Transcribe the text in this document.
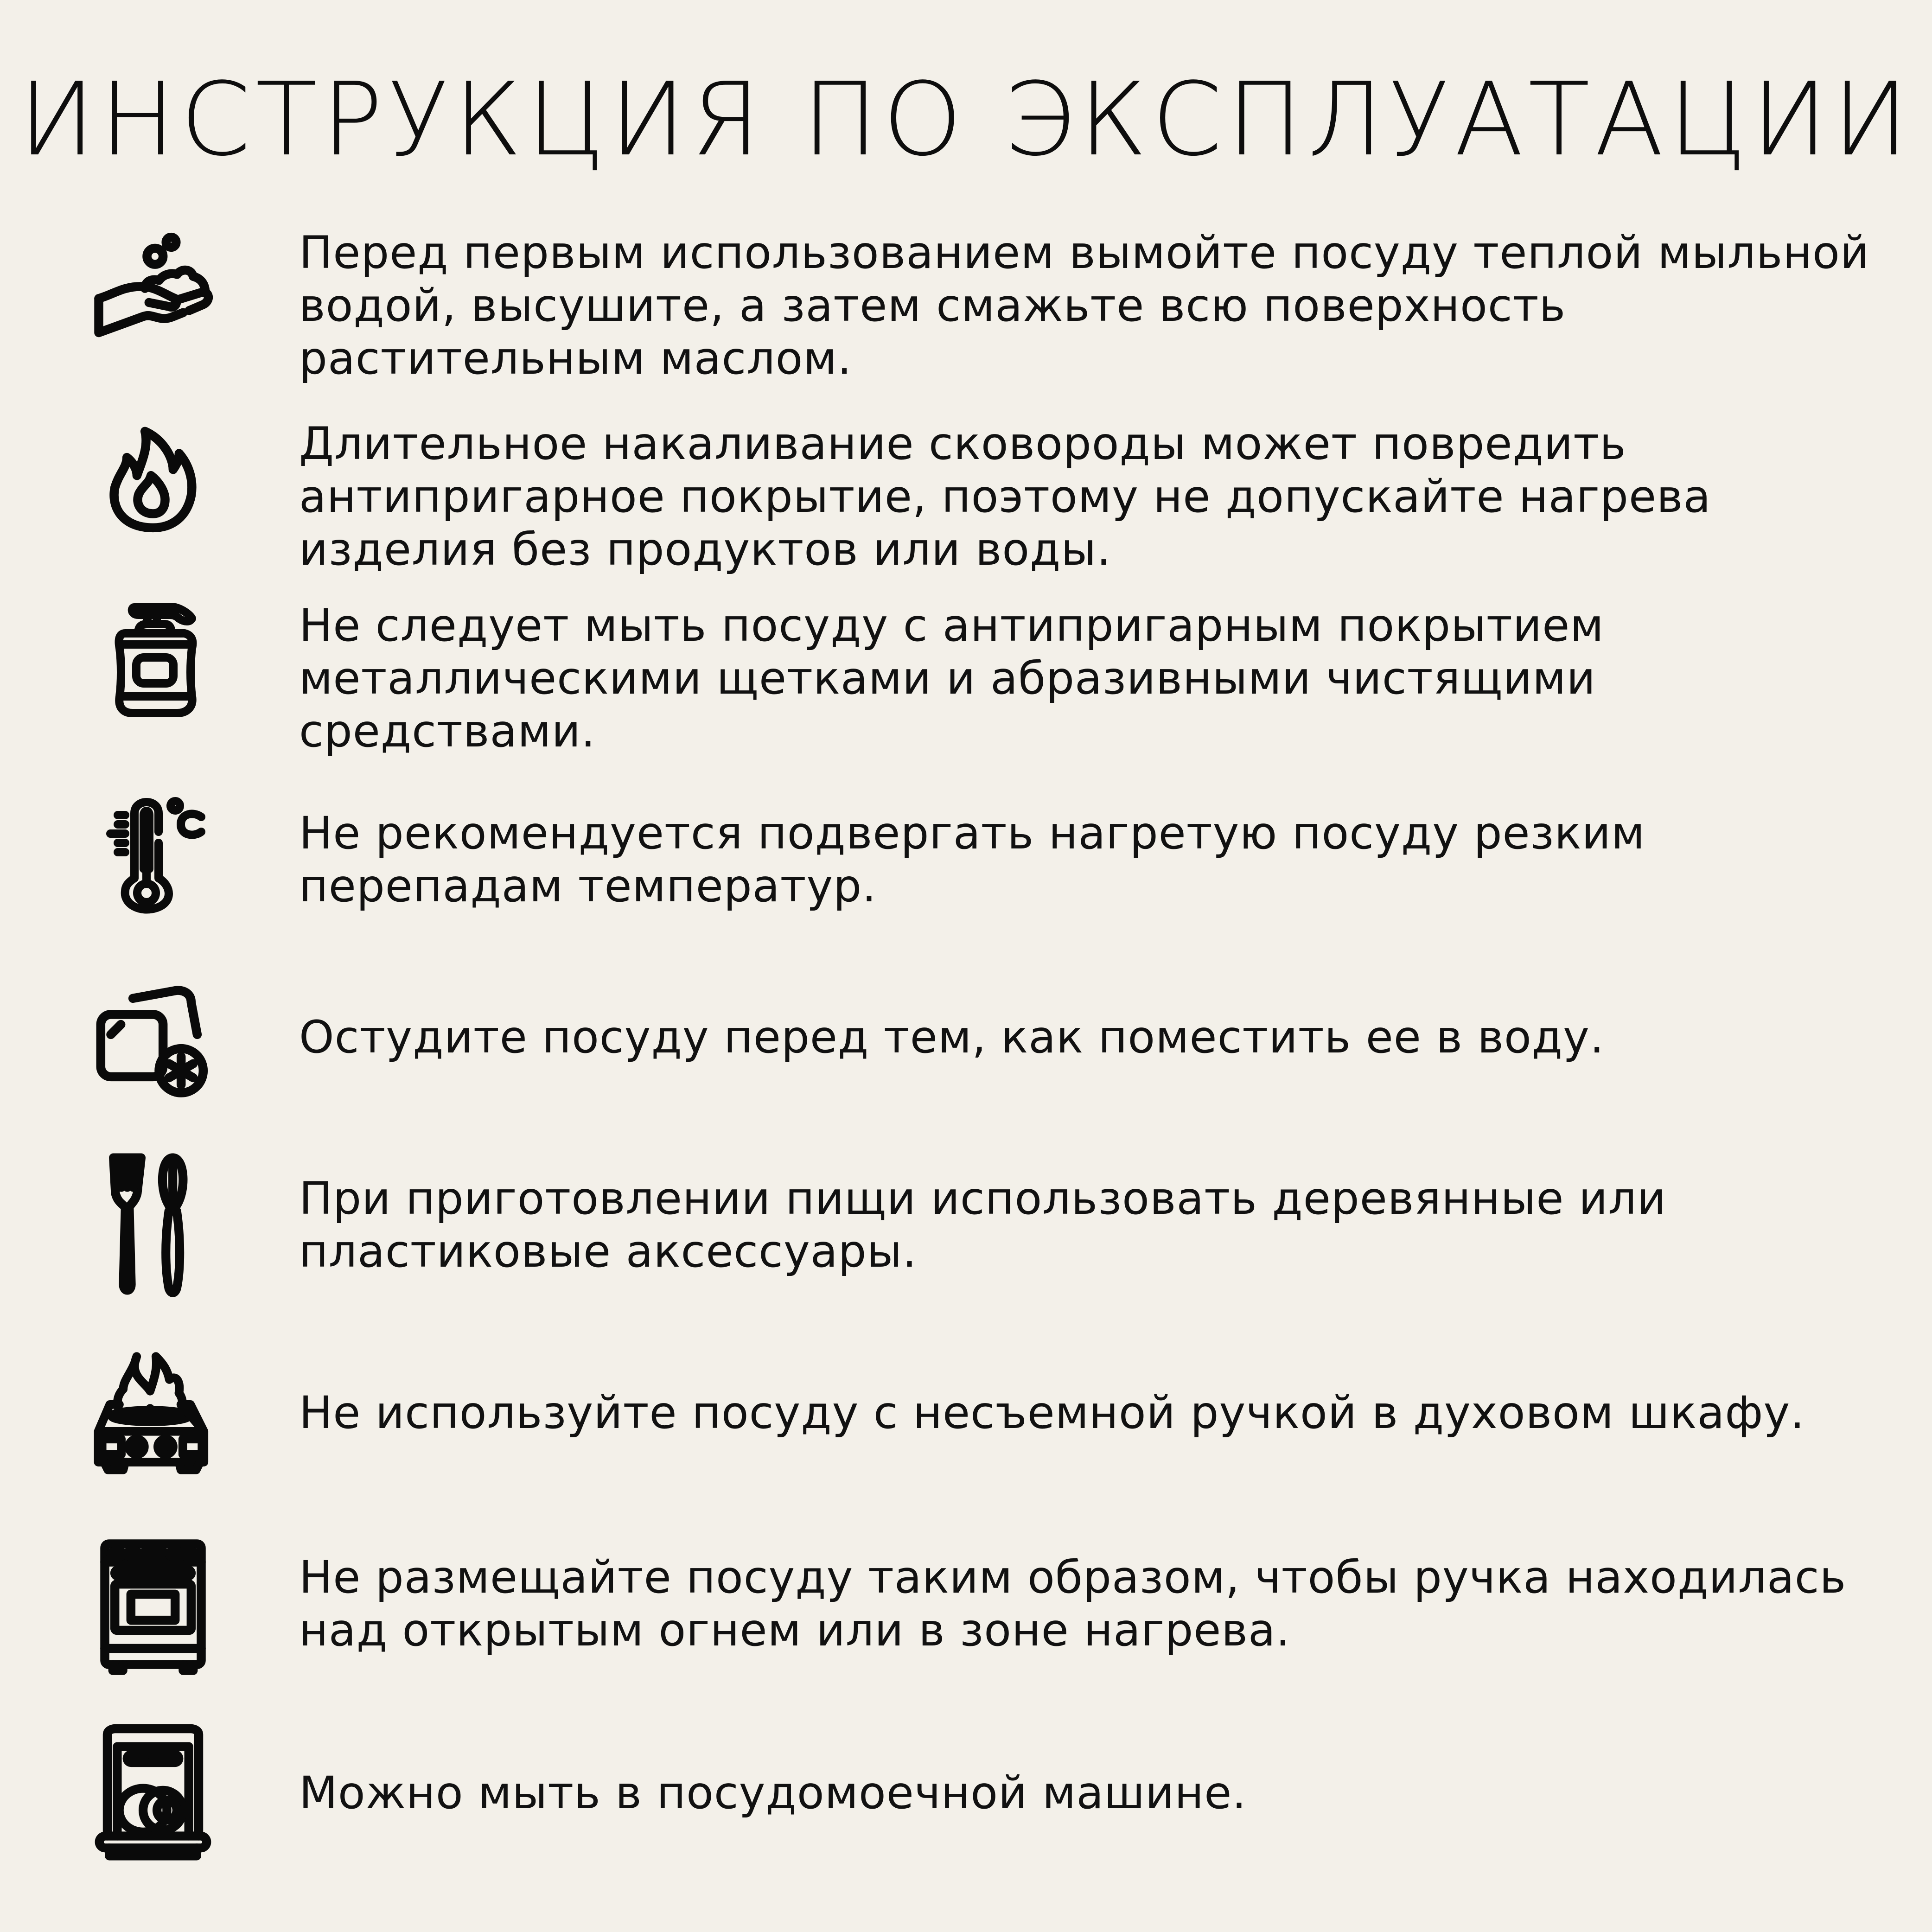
ИНСТРУКЦИЯ ПО ЭКСПЛУАТАЦИИ
Перед первым использованием вымойте посуду теплой мыльной водой, высушите, а затем смажьте всю поверхность растительным маслом.
Длительное накаливание сковороды может повредить антипригарное покрытие, поэтому не допускайте нагрева изделия без продуктов или воды.
Не следует мыть посуду с антипригарным покрытием металлическими щетками и абразивными чистящими средствами.
Не рекомендуется подвергать нагретую посуду резким перепадам температур.
Остудите посуду перед тем, как поместить ее в воду.
При приготовлении пищи использовать деревянные или пластиковые аксессуары.
Не используйте посуду с несъемной ручкой в духовом шкафу.
Не размещайте посуду таким образом, чтобы ручка находилась над открытым огнем или в зоне нагрева.
Можно мыть в посудомоечной машине.
